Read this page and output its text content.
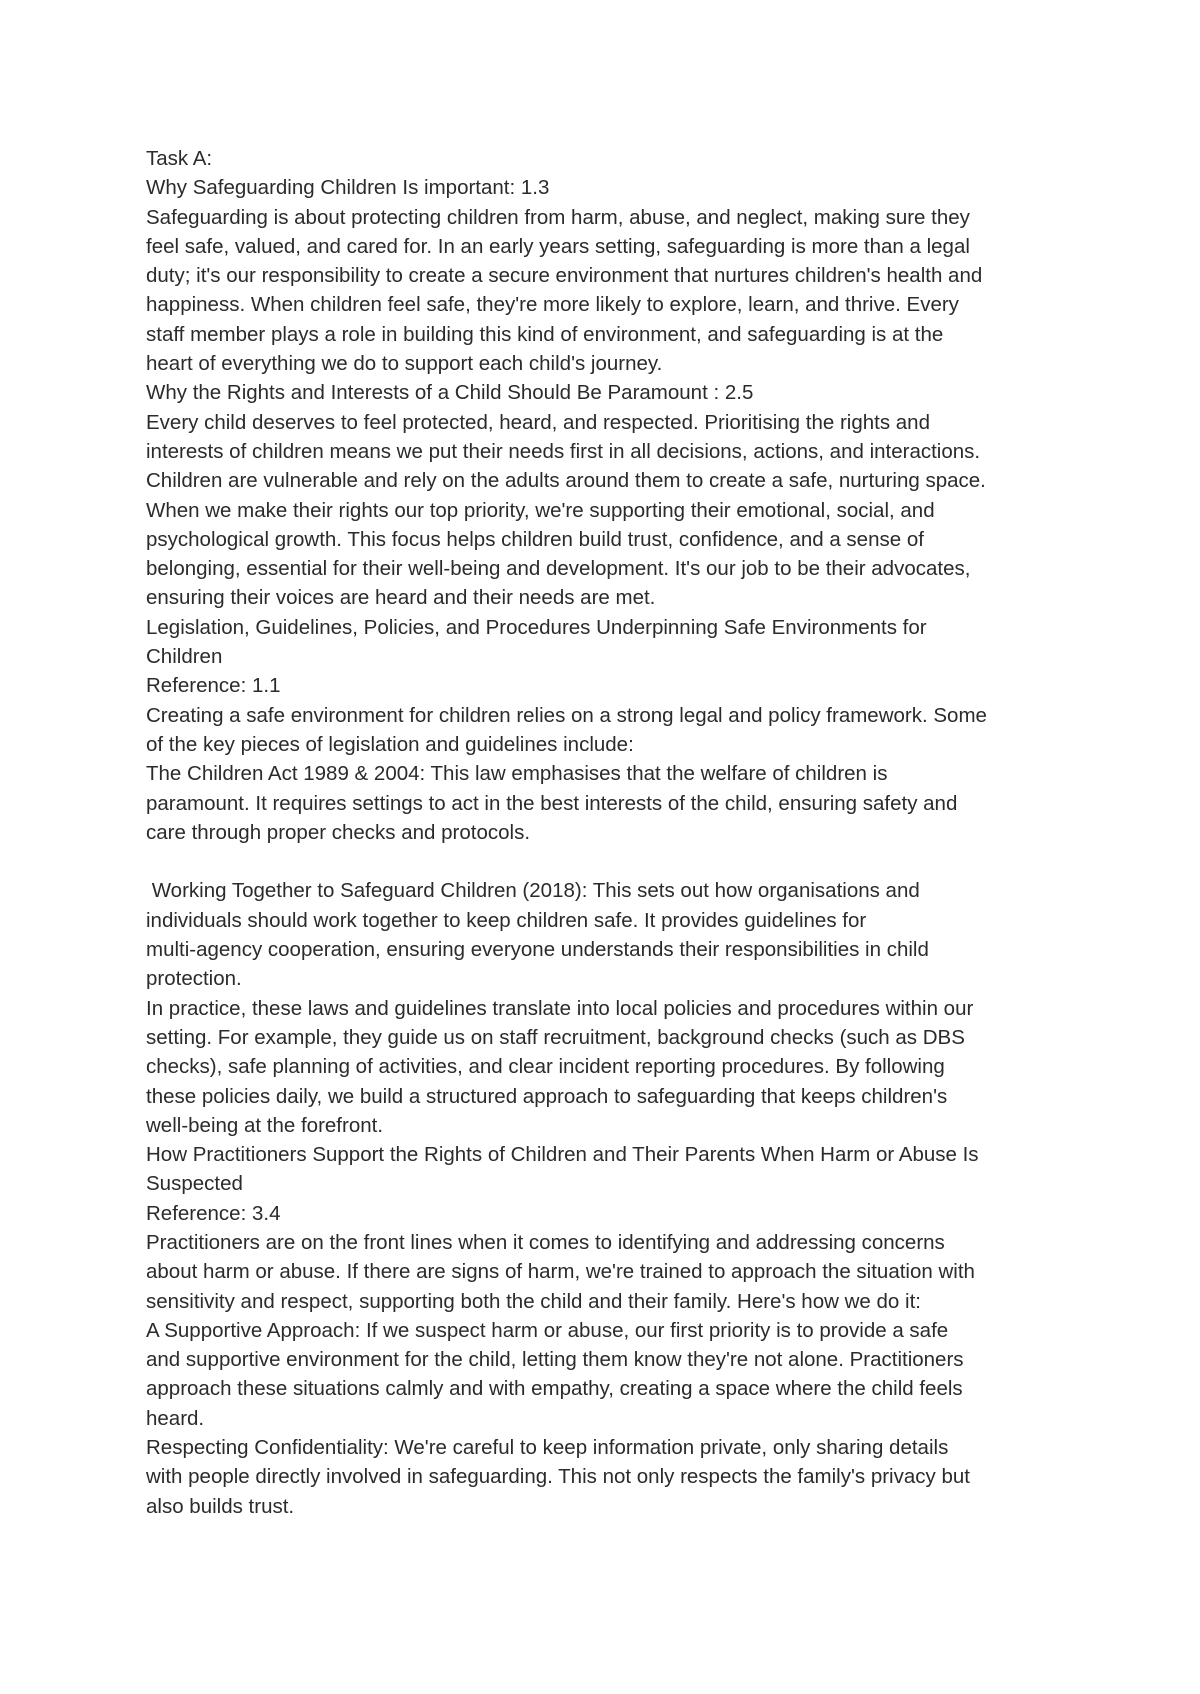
Task A:
Why Safeguarding Children Is important: 1.3
Safeguarding is about protecting children from harm, abuse, and neglect, making sure they
feel safe, valued, and cared for. In an early years setting, safeguarding is more than a legal
duty; it's our responsibility to create a secure environment that nurtures children's health and
happiness. When children feel safe, they're more likely to explore, learn, and thrive. Every
staff member plays a role in building this kind of environment, and safeguarding is at the
heart of everything we do to support each child's journey.
Why the Rights and Interests of a Child Should Be Paramount : 2.5
Every child deserves to feel protected, heard, and respected. Prioritising the rights and
interests of children means we put their needs first in all decisions, actions, and interactions.
Children are vulnerable and rely on the adults around them to create a safe, nurturing space.
When we make their rights our top priority, we're supporting their emotional, social, and
psychological growth. This focus helps children build trust, confidence, and a sense of
belonging, essential for their well-being and development. It's our job to be their advocates,
ensuring their voices are heard and their needs are met.
Legislation, Guidelines, Policies, and Procedures Underpinning Safe Environments for
Children
Reference: 1.1
Creating a safe environment for children relies on a strong legal and policy framework. Some
of the key pieces of legislation and guidelines include:
The Children Act 1989 & 2004: This law emphasises that the welfare of children is
paramount. It requires settings to act in the best interests of the child, ensuring safety and
care through proper checks and protocols.
Working Together to Safeguard Children (2018): This sets out how organisations and
individuals should work together to keep children safe. It provides guidelines for
multi-agency cooperation, ensuring everyone understands their responsibilities in child
protection.
In practice, these laws and guidelines translate into local policies and procedures within our
setting. For example, they guide us on staff recruitment, background checks (such as DBS
checks), safe planning of activities, and clear incident reporting procedures. By following
these policies daily, we build a structured approach to safeguarding that keeps children's
well-being at the forefront.
How Practitioners Support the Rights of Children and Their Parents When Harm or Abuse Is
Suspected
Reference: 3.4
Practitioners are on the front lines when it comes to identifying and addressing concerns
about harm or abuse. If there are signs of harm, we're trained to approach the situation with
sensitivity and respect, supporting both the child and their family. Here's how we do it:
A Supportive Approach: If we suspect harm or abuse, our first priority is to provide a safe
and supportive environment for the child, letting them know they're not alone. Practitioners
approach these situations calmly and with empathy, creating a space where the child feels
heard.
Respecting Confidentiality: We're careful to keep information private, only sharing details
with people directly involved in safeguarding. This not only respects the family's privacy but
also builds trust.
